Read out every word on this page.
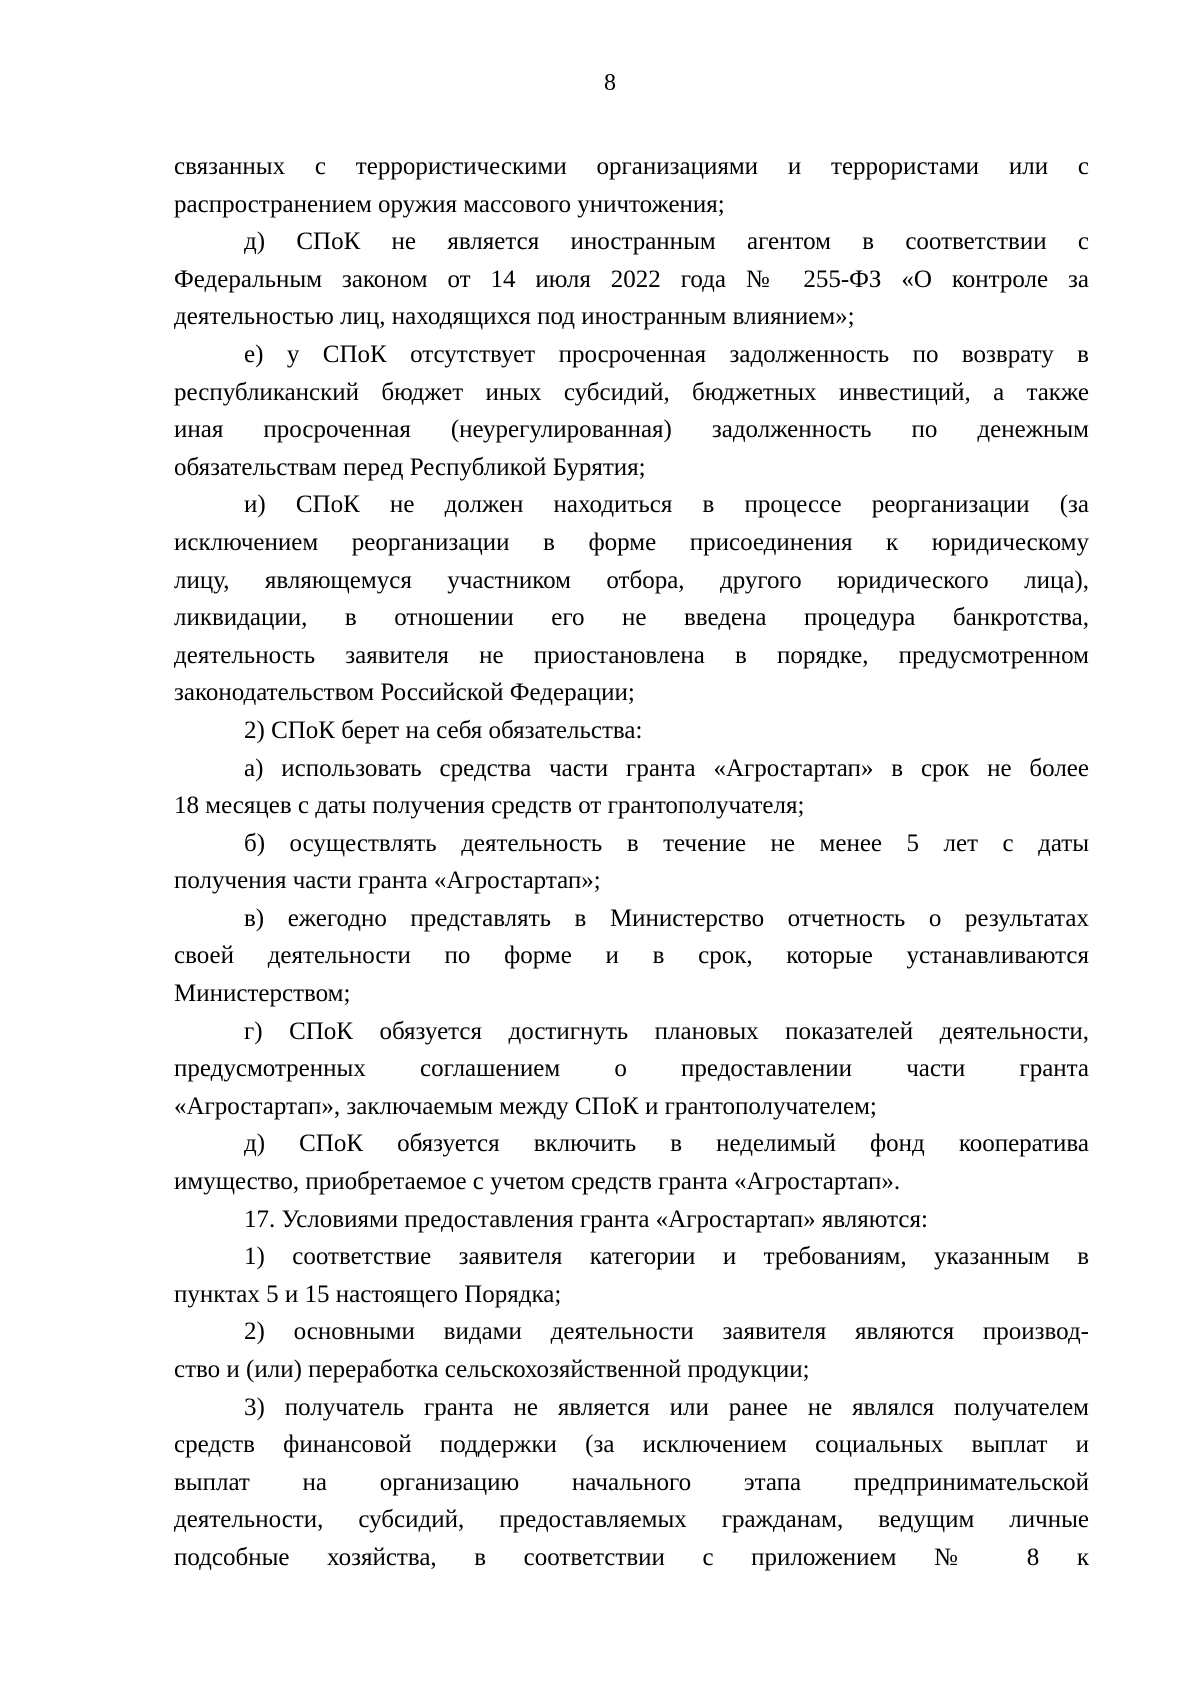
8
связанных с террористическими организациями и террористами или с
распространением оружия массового уничтожения;
д) СПоК не является иностранным агентом в соответствии с
Федеральным законом от 14 июля 2022 года № 255-ФЗ «О контроле за
деятельностью лиц, находящихся под иностранным влиянием»;
е) у СПоК отсутствует просроченная задолженность по возврату в
республиканский бюджет иных субсидий, бюджетных инвестиций, а также
иная просроченная (неурегулированная) задолженность по денежным
обязательствам перед Республикой Бурятия;
и) СПоК не должен находиться в процессе реорганизации (за
исключением реорганизации в форме присоединения к юридическому
лицу, являющемуся участником отбора, другого юридического лица),
ликвидации, в отношении его не введена процедура банкротства,
деятельность заявителя не приостановлена в порядке, предусмотренном
законодательством Российской Федерации;
2) СПоК берет на себя обязательства:
а) использовать средства части гранта «Агростартап» в срок не более
18 месяцев с даты получения средств от грантополучателя;
б) осуществлять деятельность в течение не менее 5 лет с даты
получения части гранта «Агростартап»;
в) ежегодно представлять в Министерство отчетность о результатах
своей деятельности по форме и в срок, которые устанавливаются
Министерством;
г) СПоК обязуется достигнуть плановых показателей деятельности,
предусмотренных соглашением о предоставлении части гранта
«Агростартап», заключаемым между СПоК и грантополучателем;
д) СПоК обязуется включить в неделимый фонд кооператива
имущество, приобретаемое с учетом средств гранта «Агростартап».
17. Условиями предоставления гранта «Агростартап» являются:
1) соответствие заявителя категории и требованиям, указанным в
пунктах 5 и 15 настоящего Порядка;
2) основными видами деятельности заявителя являются производ-
ство и (или) переработка сельскохозяйственной продукции;
3) получатель гранта не является или ранее не являлся получателем
средств финансовой поддержки (за исключением социальных выплат и
выплат на организацию начального этапа предпринимательской
деятельности, субсидий, предоставляемых гражданам, ведущим личные
подсобные хозяйства, в соответствии с приложением № 8 к
